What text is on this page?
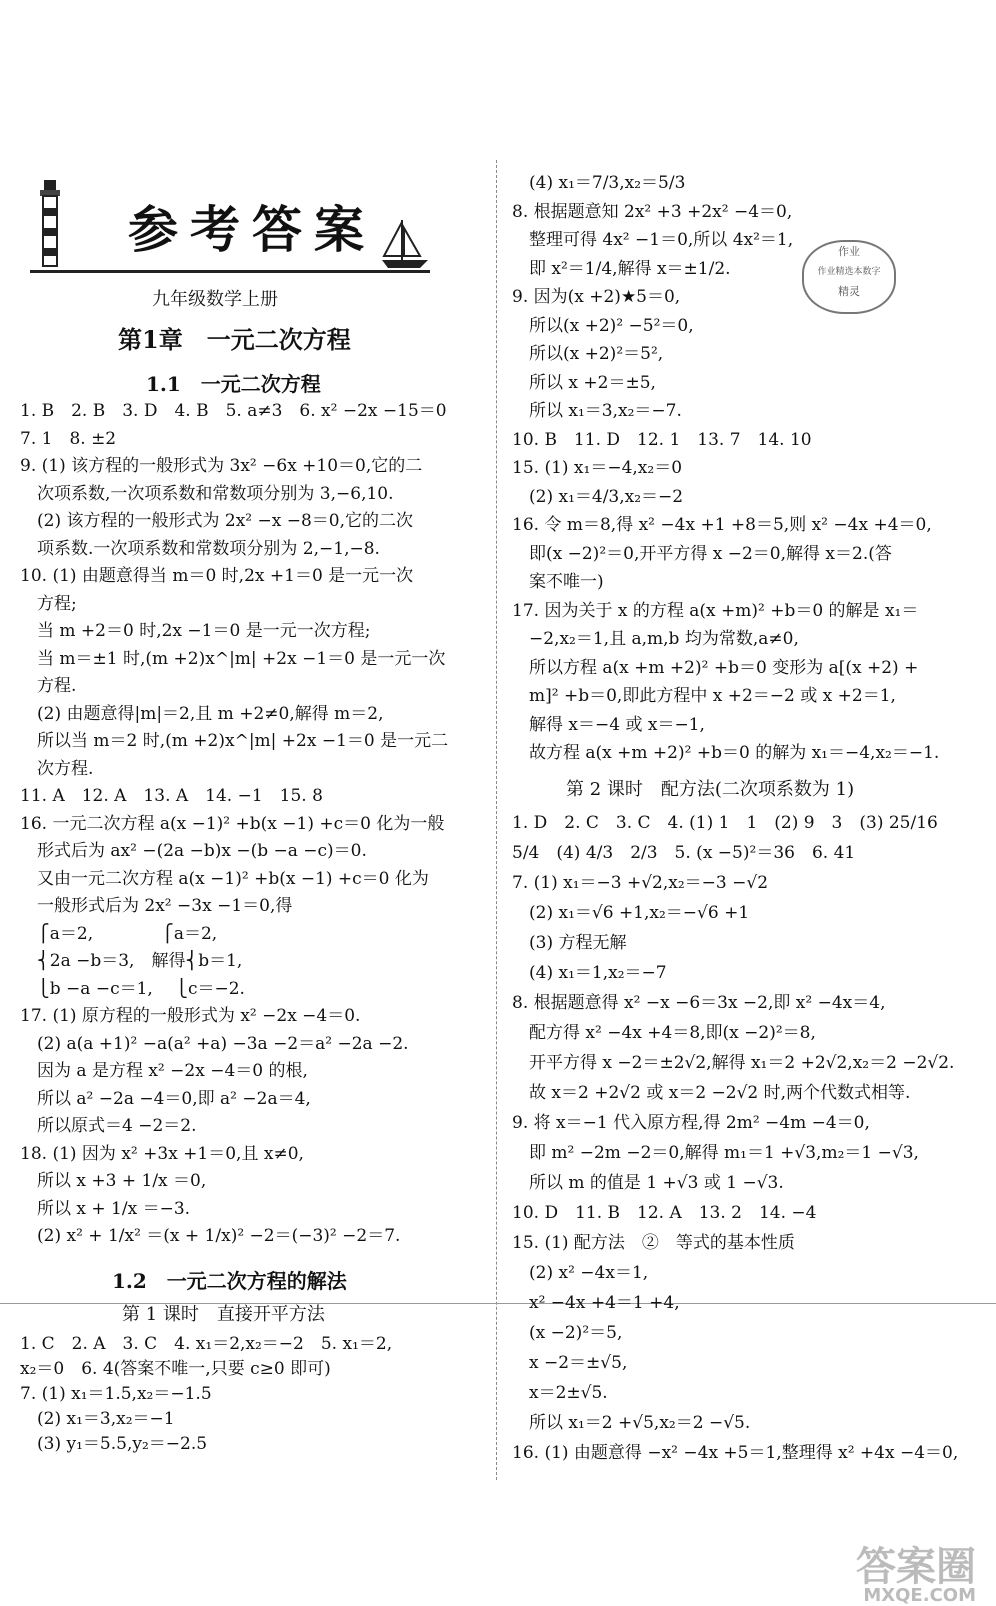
参考答案
九年级数学上册
作业
作业精选本数字
精灵
第1章　一元二次方程
1.1　一元二次方程
1. B　2. B　3. D　4. B　5. a≠3　6. x² −2x −15＝0
7. 1　8. ±2
9. (1) 该方程的一般形式为 3x² −6x +10＝0,它的二
　次项系数,一次项系数和常数项分别为 3,−6,10.
　(2) 该方程的一般形式为 2x² −x −8＝0,它的二次
　项系数.一次项系数和常数项分别为 2,−1,−8.
10. (1) 由题意得当 m＝0 时,2x +1＝0 是一元一次
　方程;
　当 m +2＝0 时,2x −1＝0 是一元一次方程;
　当 m＝±1 时,(m +2)x^|m| +2x −1＝0 是一元一次
　方程.
　(2) 由题意得|m|＝2,且 m +2≠0,解得 m＝2,
　所以当 m＝2 时,(m +2)x^|m| +2x −1＝0 是一元二
　次方程.
11. A　12. A　13. A　14. −1　15. 8
16. 一元二次方程 a(x −1)² +b(x −1) +c＝0 化为一般
　形式后为 ax² −(2a −b)x −(b −a −c)＝0.
　又由一元二次方程 a(x −1)² +b(x −1) +c＝0 化为
　一般形式后为 2x² −3x −1＝0,得
　⎧a＝2,　　　　⎧a＝2,
　⎨2a −b＝3,　解得⎨b＝1,
　⎩b −a −c＝1,　 ⎩c＝−2.
17. (1) 原方程的一般形式为 x² −2x −4＝0.
　(2) a(a +1)² −a(a² +a) −3a −2＝a² −2a −2.
　因为 a 是方程 x² −2x −4＝0 的根,
　所以 a² −2a −4＝0,即 a² −2a＝4,
　所以原式＝4 −2＝2.
18. (1) 因为 x² +3x +1＝0,且 x≠0,
　所以 x +3 + 1/x ＝0,
　所以 x + 1/x ＝−3.
　(2) x² + 1/x² ＝(x + 1/x)² −2＝(−3)² −2＝7.
1.2　一元二次方程的解法
第 1 课时　直接开平方法
1. C　2. A　3. C　4. x₁＝2,x₂＝−2　5. x₁＝2,
x₂＝0　6. 4(答案不唯一,只要 c≥0 即可)
7. (1) x₁＝1.5,x₂＝−1.5
　(2) x₁＝3,x₂＝−1
　(3) y₁＝5.5,y₂＝−2.5
　(4) x₁＝7/3,x₂＝5/3
8. 根据题意知 2x² +3 +2x² −4＝0,
　整理可得 4x² −1＝0,所以 4x²＝1,
　即 x²＝1/4,解得 x＝±1/2.
9. 因为(x +2)★5＝0,
　所以(x +2)² −5²＝0,
　所以(x +2)²＝5²,
　所以 x +2＝±5,
　所以 x₁＝3,x₂＝−7.
10. B　11. D　12. 1　13. 7　14. 10
15. (1) x₁＝−4,x₂＝0
　(2) x₁＝4/3,x₂＝−2
16. 令 m＝8,得 x² −4x +1 +8＝5,则 x² −4x +4＝0,
　即(x −2)²＝0,开平方得 x −2＝0,解得 x＝2.(答
　案不唯一)
17. 因为关于 x 的方程 a(x +m)² +b＝0 的解是 x₁＝
　−2,x₂＝1,且 a,m,b 均为常数,a≠0,
　所以方程 a(x +m +2)² +b＝0 变形为 a[(x +2) +
　m]² +b＝0,即此方程中 x +2＝−2 或 x +2＝1,
　解得 x＝−4 或 x＝−1,
　故方程 a(x +m +2)² +b＝0 的解为 x₁＝−4,x₂＝−1.
第 2 课时　配方法(二次项系数为 1)
1. D　2. C　3. C　4. (1) 1　1　(2) 9　3　(3) 25/16
5/4　(4) 4/3　2/3　5. (x −5)²＝36　6. 41
7. (1) x₁＝−3 +√2,x₂＝−3 −√2
　(2) x₁＝√6 +1,x₂＝−√6 +1
　(3) 方程无解
　(4) x₁＝1,x₂＝−7
8. 根据题意得 x² −x −6＝3x −2,即 x² −4x＝4,
　配方得 x² −4x +4＝8,即(x −2)²＝8,
　开平方得 x −2＝±2√2,解得 x₁＝2 +2√2,x₂＝2 −2√2.
　故 x＝2 +2√2 或 x＝2 −2√2 时,两个代数式相等.
9. 将 x＝−1 代入原方程,得 2m² −4m −4＝0,
　即 m² −2m −2＝0,解得 m₁＝1 +√3,m₂＝1 −√3,
　所以 m 的值是 1 +√3 或 1 −√3.
10. D　11. B　12. A　13. 2　14. −4
15. (1) 配方法　②　等式的基本性质
　(2) x² −4x＝1,
　x² −4x +4＝1 +4,
　(x −2)²＝5,
　x −2＝±√5,
　x＝2±√5.
　所以 x₁＝2 +√5,x₂＝2 −√5.
16. (1) 由题意得 −x² −4x +5＝1,整理得 x² +4x −4＝0,
答案圈
MXQE.COM
